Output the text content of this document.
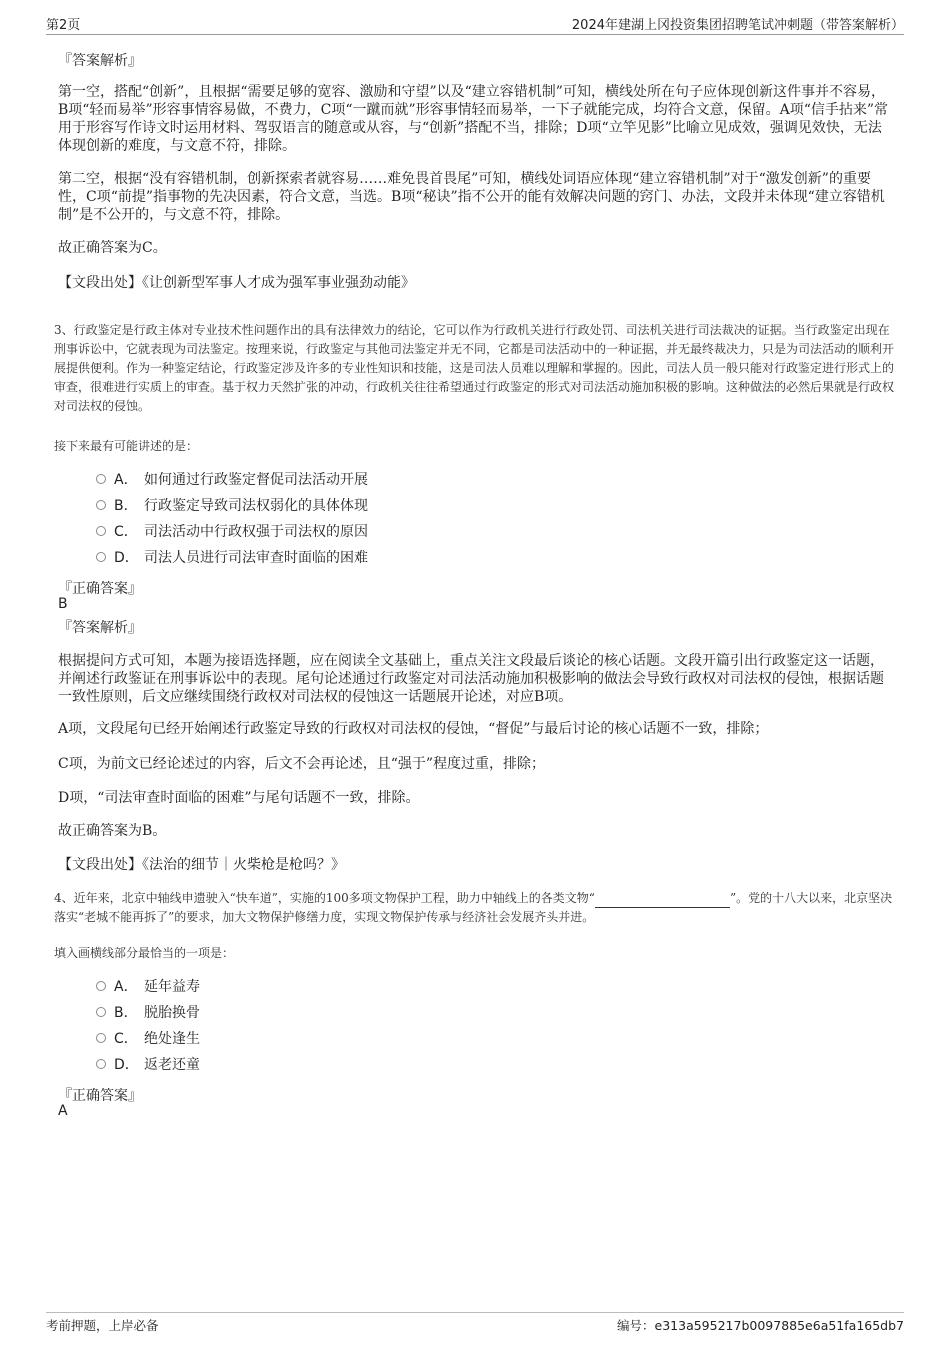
第2页	2024年建湖上冈投资集团招聘笔试冲刺题（带答案解析）
『答案解析』
第一空，搭配“创新”，且根据“需要足够的宽容、激励和守望”以及“建立容错机制”可知，横线处所在句子应体现创新这件事并不容易，B项“轻而易举”形容事情容易做，不费力，C项“一蹴而就”形容事情轻而易举，一下子就能完成，均符合文意，保留。A项“信手拈来”常用于形容写作诗文时运用材料、驾驭语言的随意或从容，与“创新”搭配不当，排除；D项“立竿见影”比喻立见成效，强调见效快，无法体现创新的难度，与文意不符，排除。
第二空，根据“没有容错机制，创新探索者就容易……难免畏首畏尾”可知，横线处词语应体现“建立容错机制”对于“激发创新”的重要性，C项“前提”指事物的先决因素，符合文意，当选。B项“秘诀”指不公开的能有效解决问题的窍门、办法，文段并未体现“建立容错机制”是不公开的，与文意不符，排除。
故正确答案为C。
【文段出处】《让创新型军事人才成为强军事业强劲动能》
3、行政鉴定是行政主体对专业技术性问题作出的具有法律效力的结论，它可以作为行政机关进行行政处罚、司法机关进行司法裁决的证据。当行政鉴定出现在刑事诉讼中，它就表现为司法鉴定。按理来说，行政鉴定与其他司法鉴定并无不同，它都是司法活动中的一种证据，并无最终裁决力，只是为司法活动的顺利开展提供便利。作为一种鉴定结论，行政鉴定涉及许多的专业性知识和技能，这是司法人员难以理解和掌握的。因此，司法人员一般只能对行政鉴定进行形式上的审查，很难进行实质上的审查。基于权力天然扩张的冲动，行政机关往往希望通过行政鉴定的形式对司法活动施加积极的影响。这种做法的必然后果就是行政权对司法权的侵蚀。
接下来最有可能讲述的是：
A． 如何通过行政鉴定督促司法活动开展
B． 行政鉴定导致司法权弱化的具体体现
C． 司法活动中行政权强于司法权的原因
D． 司法人员进行司法审查时面临的困难
『正确答案』
B
『答案解析』
根据提问方式可知，本题为接语选择题，应在阅读全文基础上，重点关注文段最后谈论的核心话题。文段开篇引出行政鉴定这一话题，并阐述行政鉴证在刑事诉讼中的表现。尾句论述通过行政鉴定对司法活动施加积极影响的做法会导致行政权对司法权的侵蚀，根据话题一致性原则，后文应继续围绕行政权对司法权的侵蚀这一话题展开论述，对应B项。
A项，文段尾句已经开始阐述行政鉴定导致的行政权对司法权的侵蚀，“督促”与最后讨论的核心话题不一致，排除；
C项，为前文已经论述过的内容，后文不会再论述，且“强于”程度过重，排除；
D项，“司法审查时面临的困难”与尾句话题不一致，排除。
故正确答案为B。
【文段出处】《法治的细节｜火柴枪是枪吗？》
4、近年来，北京中轴线申遗驶入“快车道”，实施的100多项文物保护工程，助力中轴线上的各类文物“	”。党的十八大以来，北京坚决落实“老城不能再拆了”的要求，加大文物保护修缮力度，实现文物保护传承与经济社会发展齐头并进。
填入画横线部分最恰当的一项是：
A． 延年益寿
B． 脱胎换骨
C． 绝处逢生
D． 返老还童
『正确答案』
A
考前押题，上岸必备	编号：e313a595217b0097885e6a51fa165db7
